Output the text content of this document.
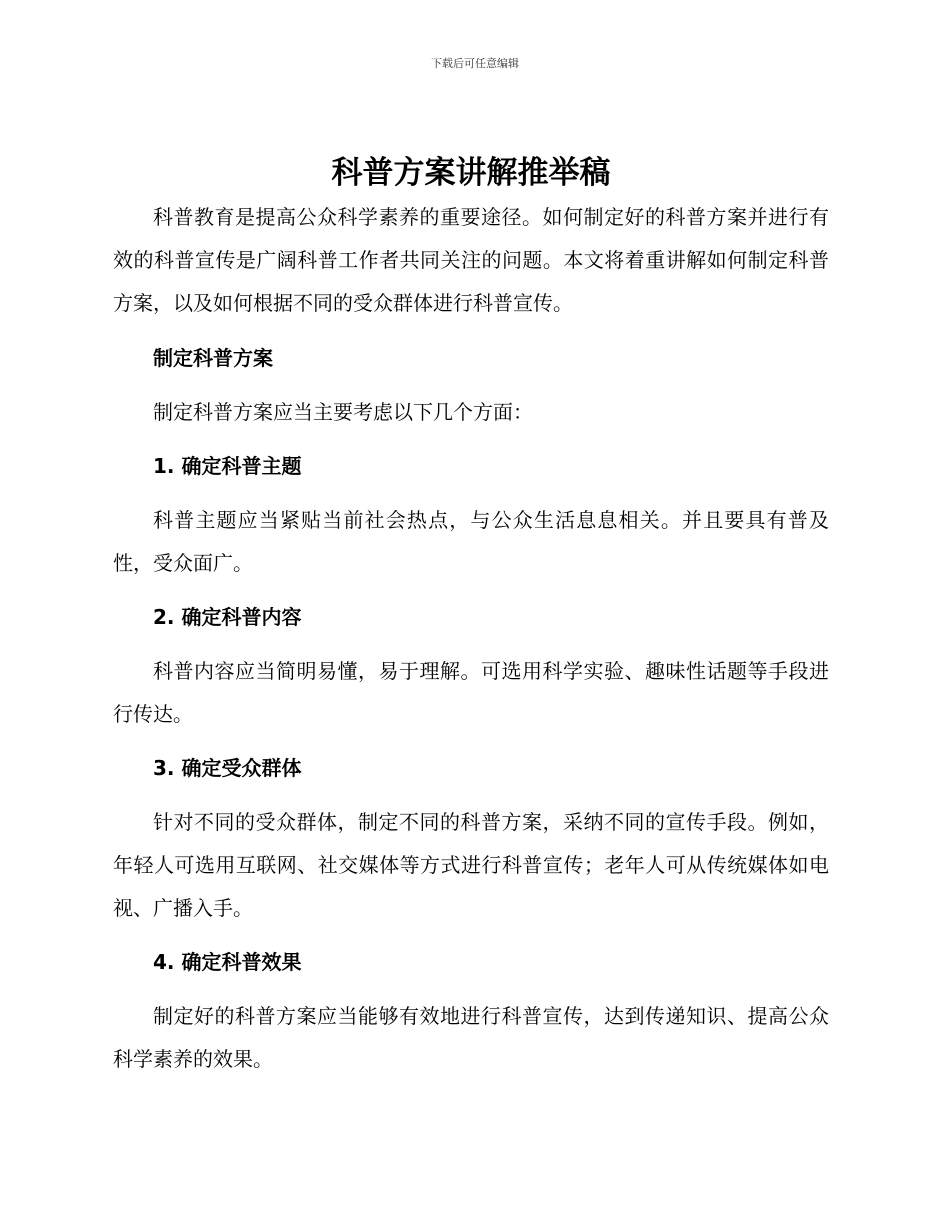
下载后可任意编辑
科普方案讲解推举稿

科普教育是提高公众科学素养的重要途径。如何制定好的科普方案并进行有效的科普宣传是广阔科普工作者共同关注的问题。本文将着重讲解如何制定科普方案，以及如何根据不同的受众群体进行科普宣传。

制定科普方案

制定科普方案应当主要考虑以下几个方面：

1. 确定科普主题

科普主题应当紧贴当前社会热点，与公众生活息息相关。并且要具有普及性，受众面广。

2. 确定科普内容

科普内容应当简明易懂，易于理解。可选用科学实验、趣味性话题等手段进行传达。

3. 确定受众群体

针对不同的受众群体，制定不同的科普方案，采纳不同的宣传手段。例如，年轻人可选用互联网、社交媒体等方式进行科普宣传；老年人可从传统媒体如电视、广播入手。

4. 确定科普效果

制定好的科普方案应当能够有效地进行科普宣传，达到传递知识、提高公众科学素养的效果。
